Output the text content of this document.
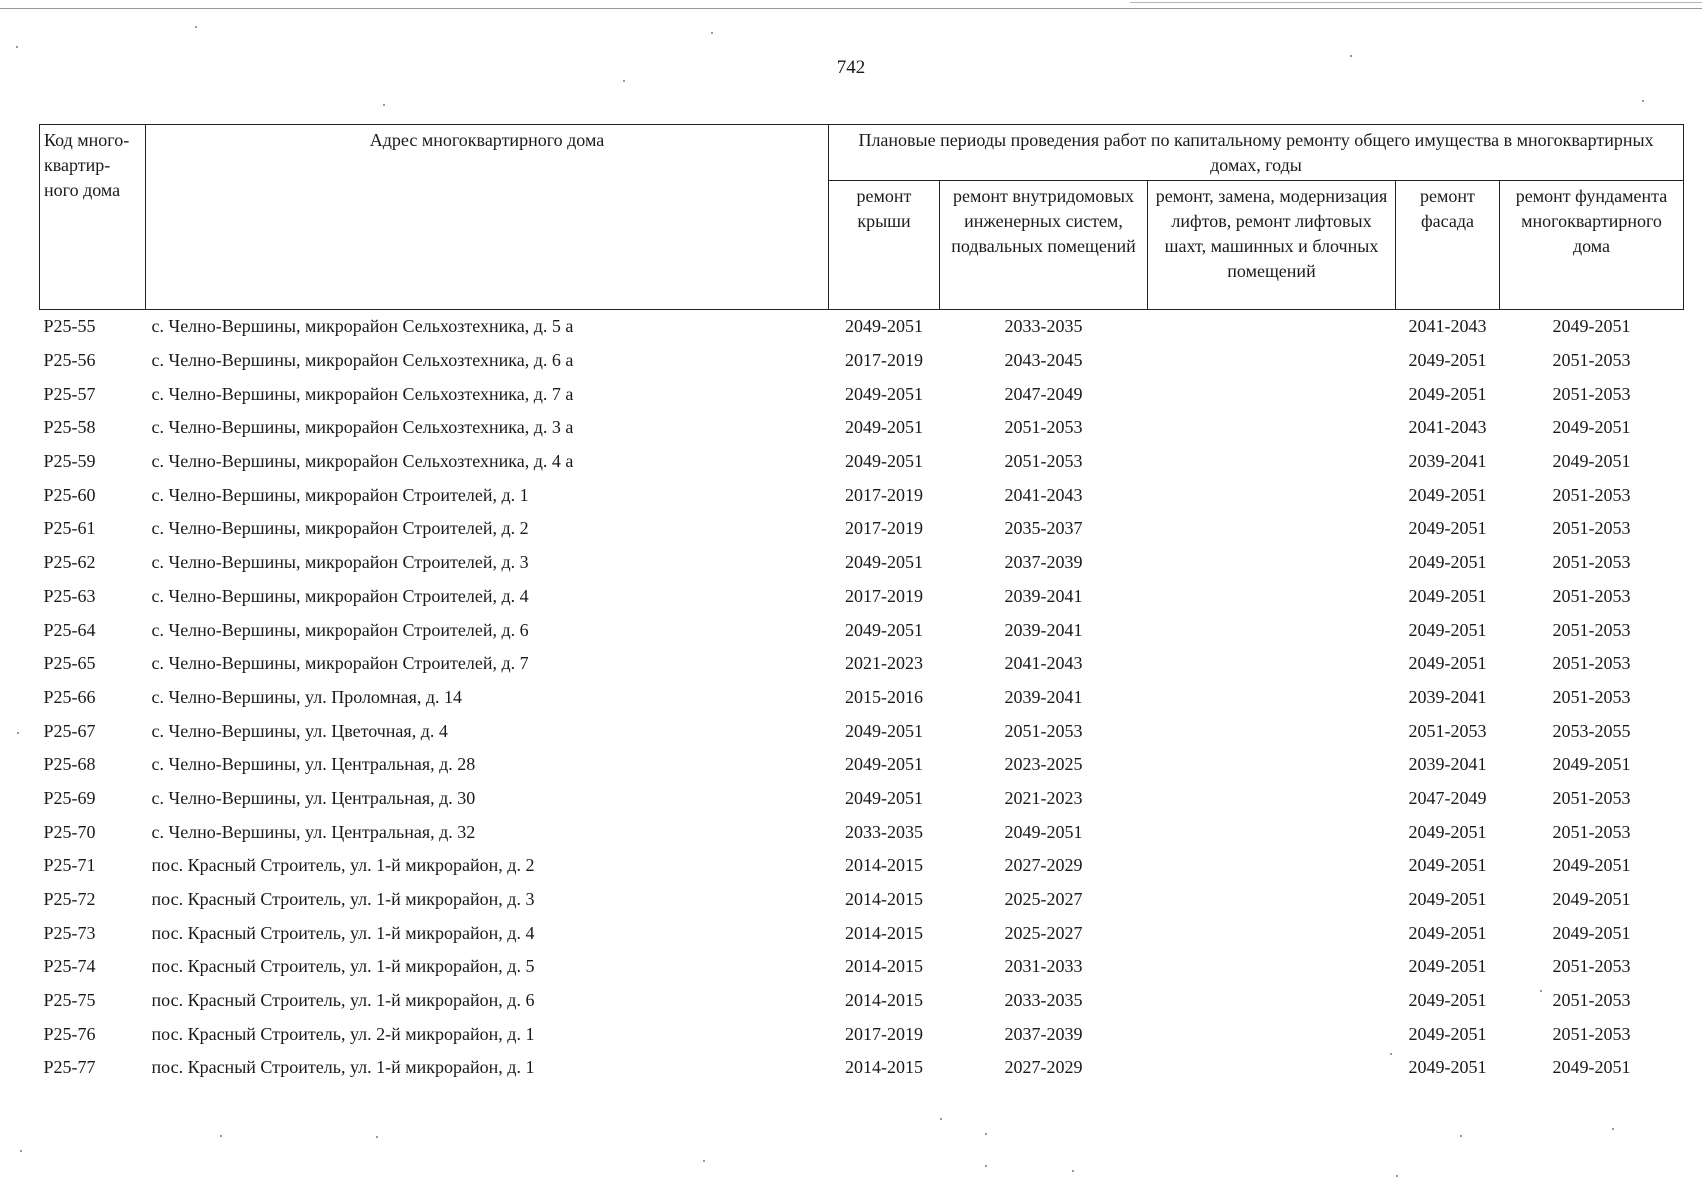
742
Код много-квартир-ного дома	Адрес многоквартирного дома	Плановые периоды проведения работ по капитальному ремонту общего имущества в многоквартирных домах, годы				
		ремонт крыши	ремонт внутридомовых инженерных систем, подвальных помещений	ремонт, замена, модернизация лифтов, ремонт лифтовых шахт, машинных и блочных помещений	ремонт фасада	ремонт фундамента многоквартирного дома
P25-55	с. Челно-Вершины, микрорайон Сельхозтехника, д. 5 а	2049-2051	2033-2035		2041-2043	2049-2051
P25-56	с. Челно-Вершины, микрорайон Сельхозтехника, д. 6 а	2017-2019	2043-2045		2049-2051	2051-2053
P25-57	с. Челно-Вершины, микрорайон Сельхозтехника, д. 7 а	2049-2051	2047-2049		2049-2051	2051-2053
P25-58	с. Челно-Вершины, микрорайон Сельхозтехника, д. 3 а	2049-2051	2051-2053		2041-2043	2049-2051
P25-59	с. Челно-Вершины, микрорайон Сельхозтехника, д. 4 а	2049-2051	2051-2053		2039-2041	2049-2051
P25-60	с. Челно-Вершины, микрорайон Строителей, д. 1	2017-2019	2041-2043		2049-2051	2051-2053
P25-61	с. Челно-Вершины, микрорайон Строителей, д. 2	2017-2019	2035-2037		2049-2051	2051-2053
P25-62	с. Челно-Вершины, микрорайон Строителей, д. 3	2049-2051	2037-2039		2049-2051	2051-2053
P25-63	с. Челно-Вершины, микрорайон Строителей, д. 4	2017-2019	2039-2041		2049-2051	2051-2053
P25-64	с. Челно-Вершины, микрорайон Строителей, д. 6	2049-2051	2039-2041		2049-2051	2051-2053
P25-65	с. Челно-Вершины, микрорайон Строителей, д. 7	2021-2023	2041-2043		2049-2051	2051-2053
P25-66	с. Челно-Вершины, ул. Проломная, д. 14	2015-2016	2039-2041		2039-2041	2051-2053
P25-67	с. Челно-Вершины, ул. Цветочная, д. 4	2049-2051	2051-2053		2051-2053	2053-2055
P25-68	с. Челно-Вершины, ул. Центральная, д. 28	2049-2051	2023-2025		2039-2041	2049-2051
P25-69	с. Челно-Вершины, ул. Центральная, д. 30	2049-2051	2021-2023		2047-2049	2051-2053
P25-70	с. Челно-Вершины, ул. Центральная, д. 32	2033-2035	2049-2051		2049-2051	2051-2053
P25-71	пос. Красный Строитель, ул. 1-й микрорайон, д. 2	2014-2015	2027-2029		2049-2051	2049-2051
P25-72	пос. Красный Строитель, ул. 1-й микрорайон, д. 3	2014-2015	2025-2027		2049-2051	2049-2051
P25-73	пос. Красный Строитель, ул. 1-й микрорайон, д. 4	2014-2015	2025-2027		2049-2051	2049-2051
P25-74	пос. Красный Строитель, ул. 1-й микрорайон, д. 5	2014-2015	2031-2033		2049-2051	2051-2053
P25-75	пос. Красный Строитель, ул. 1-й микрорайон, д. 6	2014-2015	2033-2035		2049-2051	2051-2053
P25-76	пос. Красный Строитель, ул. 2-й микрорайон, д. 1	2017-2019	2037-2039		2049-2051	2051-2053
P25-77	пос. Красный Строитель, ул. 1-й микрорайон, д. 1	2014-2015	2027-2029		2049-2051	2049-2051
